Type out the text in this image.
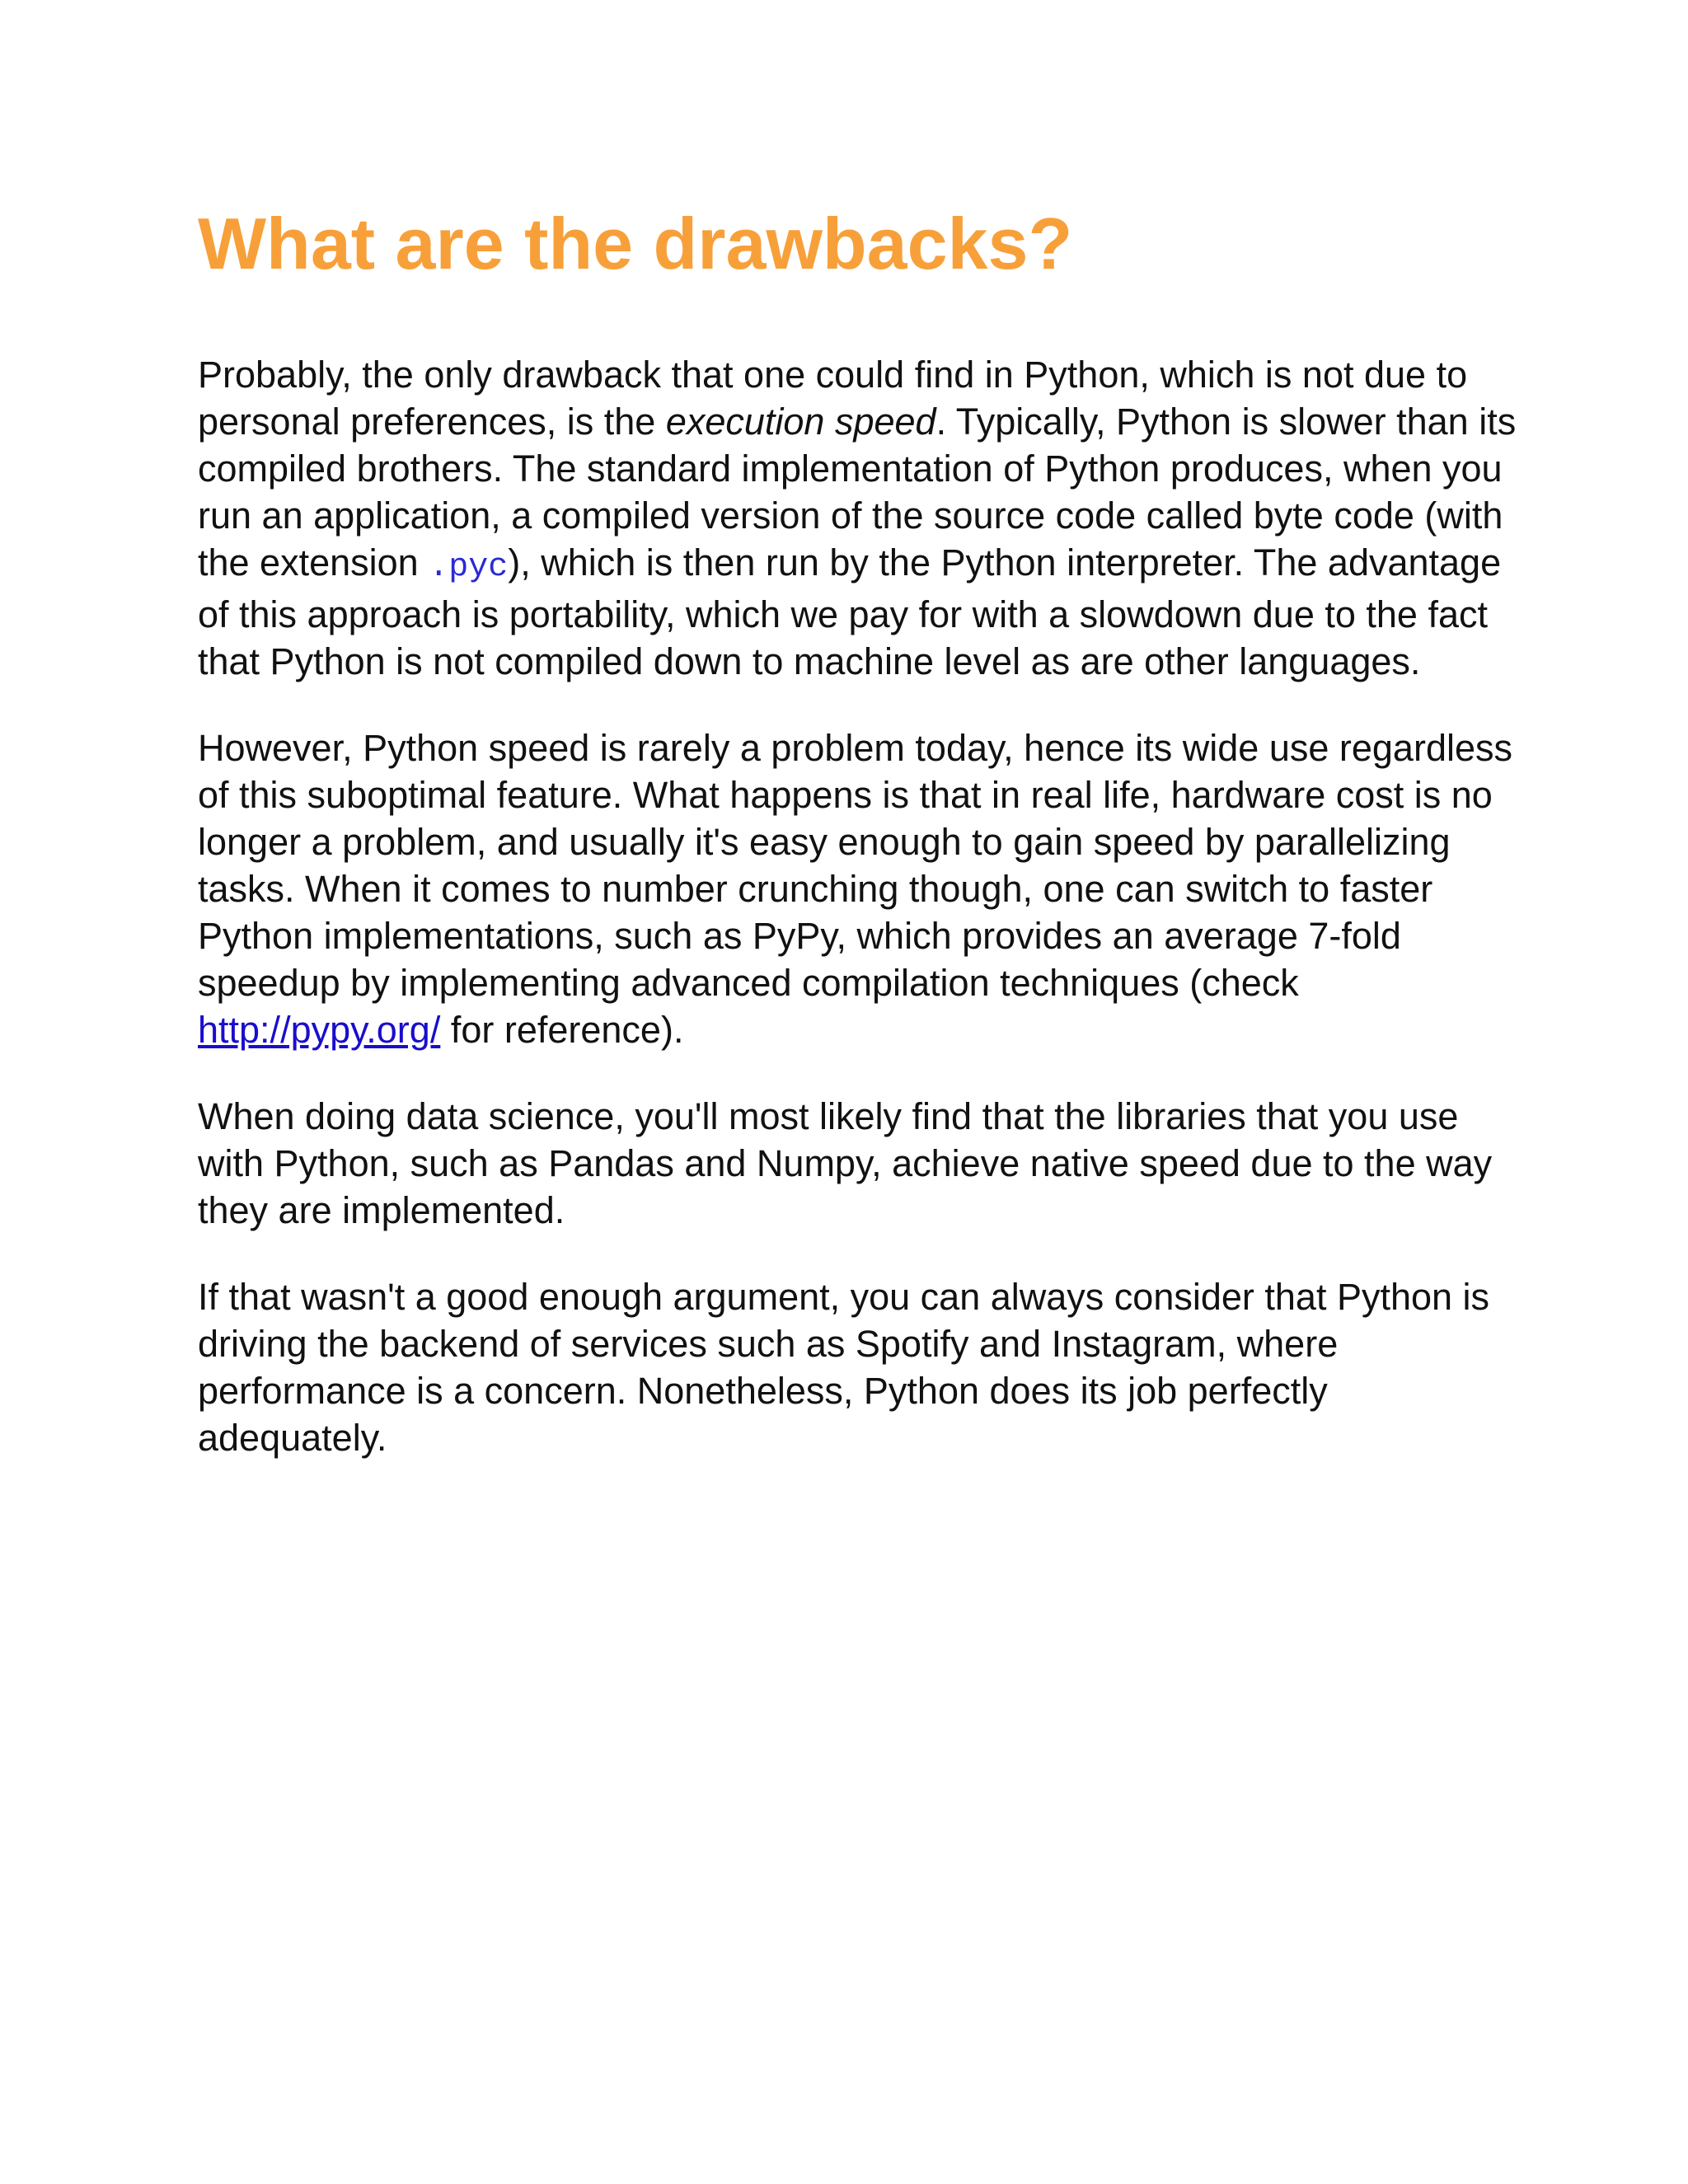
What are the drawbacks?

Probably, the only drawback that one could find in Python, which is not due to personal preferences, is the execution speed. Typically, Python is slower than its compiled brothers. The standard implementation of Python produces, when you run an application, a compiled version of the source code called byte code (with the extension .pyc), which is then run by the Python interpreter. The advantage of this approach is portability, which we pay for with a slowdown due to the fact that Python is not compiled down to machine level as are other languages.

However, Python speed is rarely a problem today, hence its wide use regardless of this suboptimal feature. What happens is that in real life, hardware cost is no longer a problem, and usually it's easy enough to gain speed by parallelizing tasks. When it comes to number crunching though, one can switch to faster Python implementations, such as PyPy, which provides an average 7-fold speedup by implementing advanced compilation techniques (check http://pypy.org/ for reference).

When doing data science, you'll most likely find that the libraries that you use with Python, such as Pandas and Numpy, achieve native speed due to the way they are implemented.

If that wasn't a good enough argument, you can always consider that Python is driving the backend of services such as Spotify and Instagram, where performance is a concern. Nonetheless, Python does its job perfectly adequately.
